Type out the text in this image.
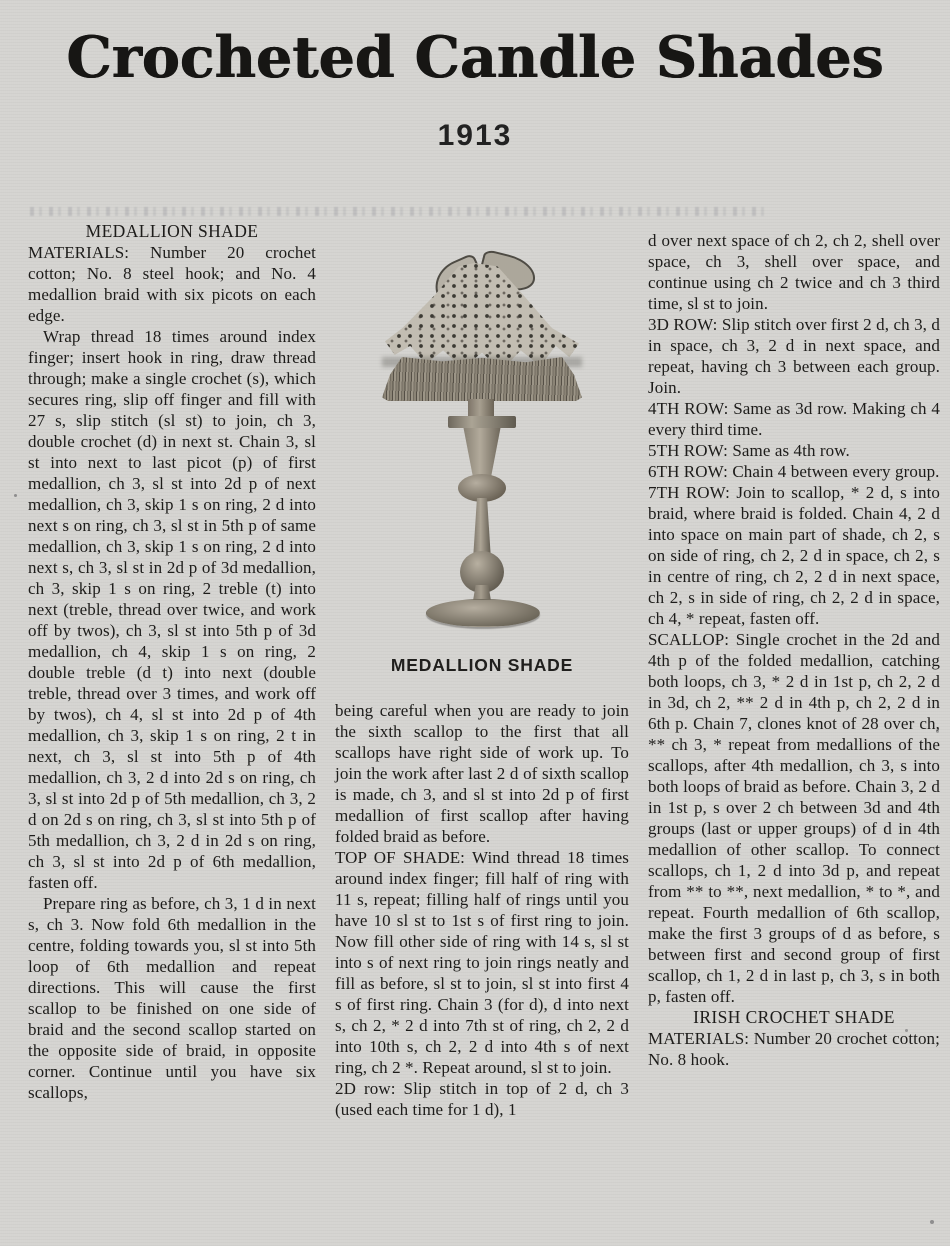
Crocheted Candle Shades
1913

MEDALLION SHADE

MATERIALS: Number 20 crochet cotton; No. 8 steel hook; and No. 4 medallion braid with six picots on each edge.

Wrap thread 18 times around index finger; insert hook in ring, draw thread through; make a single crochet (s), which secures ring, slip off finger and fill with 27 s, slip stitch (sl st) to join, ch 3, double crochet (d) in next st. Chain 3, sl st into next to last picot (p) of first medallion, ch 3, sl st into 2d p of next medallion, ch 3, skip 1 s on ring, 2 d into next s on ring, ch 3, sl st in 5th p of same medallion, ch 3, skip 1 s on ring, 2 d into next s, ch 3, sl st in 2d p of 3d medallion, ch 3, skip 1 s on ring, 2 treble (t) into next (treble, thread over twice, and work off by twos), ch 3, sl st into 5th p of 3d medallion, ch 4, skip 1 s on ring, 2 double treble (d t) into next (double treble, thread over 3 times, and work off by twos), ch 4, sl st into 2d p of 4th medallion, ch 3, skip 1 s on ring, 2 t in next, ch 3, sl st into 5th p of 4th medallion, ch 3, 2 d into 2d s on ring, ch 3, sl st into 2d p of 5th medallion, ch 3, 2 d on 2d s on ring, ch 3, sl st into 5th p of 5th medallion, ch 3, 2 d in 2d s on ring, ch 3, sl st into 2d p of 6th medallion, fasten off.

Prepare ring as before, ch 3, 1 d in next s, ch 3. Now fold 6th medallion in the centre, folding towards you, sl st into 5th loop of 6th medallion and repeat directions. This will cause the first scallop to be finished on one side of braid and the second scallop started on the opposite side of braid, in opposite corner. Continue until you have six scallops,

MEDALLION SHADE

being careful when you are ready to join the sixth scallop to the first that all scallops have right side of work up. To join the work after last 2 d of sixth scallop is made, ch 3, and sl st into 2d p of first medallion of first scallop after having folded braid as before.

TOP OF SHADE: Wind thread 18 times around index finger; fill half of ring with 11 s, repeat; filling half of rings until you have 10 sl st to 1st s of first ring to join. Now fill other side of ring with 14 s, sl st into s of next ring to join rings neatly and fill as before, sl st to join, sl st into first 4 s of first ring. Chain 3 (for d), d into next s, ch 2, * 2 d into 7th st of ring, ch 2, 2 d into 10th s, ch 2, 2 d into 4th s of next ring, ch 2 *. Repeat around, sl st to join.

2D row: Slip stitch in top of 2 d, ch 3 (used each time for 1 d), 1

d over next space of ch 2, ch 2, shell over space, ch 3, shell over space, and continue using ch 2 twice and ch 3 third time, sl st to join.

3D ROW: Slip stitch over first 2 d, ch 3, d in space, ch 3, 2 d in next space, and repeat, having ch 3 between each group. Join.

4TH ROW: Same as 3d row. Making ch 4 every third time.

5TH ROW: Same as 4th row.

6TH ROW: Chain 4 between every group.

7TH ROW: Join to scallop, * 2 d, s into braid, where braid is folded. Chain 4, 2 d into space on main part of shade, ch 2, s on side of ring, ch 2, 2 d in space, ch 2, s in centre of ring, ch 2, 2 d in next space, ch 2, s in side of ring, ch 2, 2 d in space, ch 4, * repeat, fasten off.

SCALLOP: Single crochet in the 2d and 4th p of the folded medallion, catching both loops, ch 3, * 2 d in 1st p, ch 2, 2 d in 3d, ch 2, ** 2 d in 4th p, ch 2, 2 d in 6th p. Chain 7, clones knot of 28 over ch, ** ch 3, * repeat from medallions of the scallops, after 4th medallion, ch 3, s into both loops of braid as before. Chain 3, 2 d in 1st p, s over 2 ch between 3d and 4th groups (last or upper groups) of d in 4th medallion of other scallop. To connect scallops, ch 1, 2 d into 3d p, and repeat from ** to **, next medallion, * to *, and repeat. Fourth medallion of 6th scallop, make the first 3 groups of d as before, s between first and second group of first scallop, ch 1, 2 d in last p, ch 3, s in both p, fasten off.

IRISH CROCHET SHADE

MATERIALS: Number 20 crochet cotton; No. 8 hook.
